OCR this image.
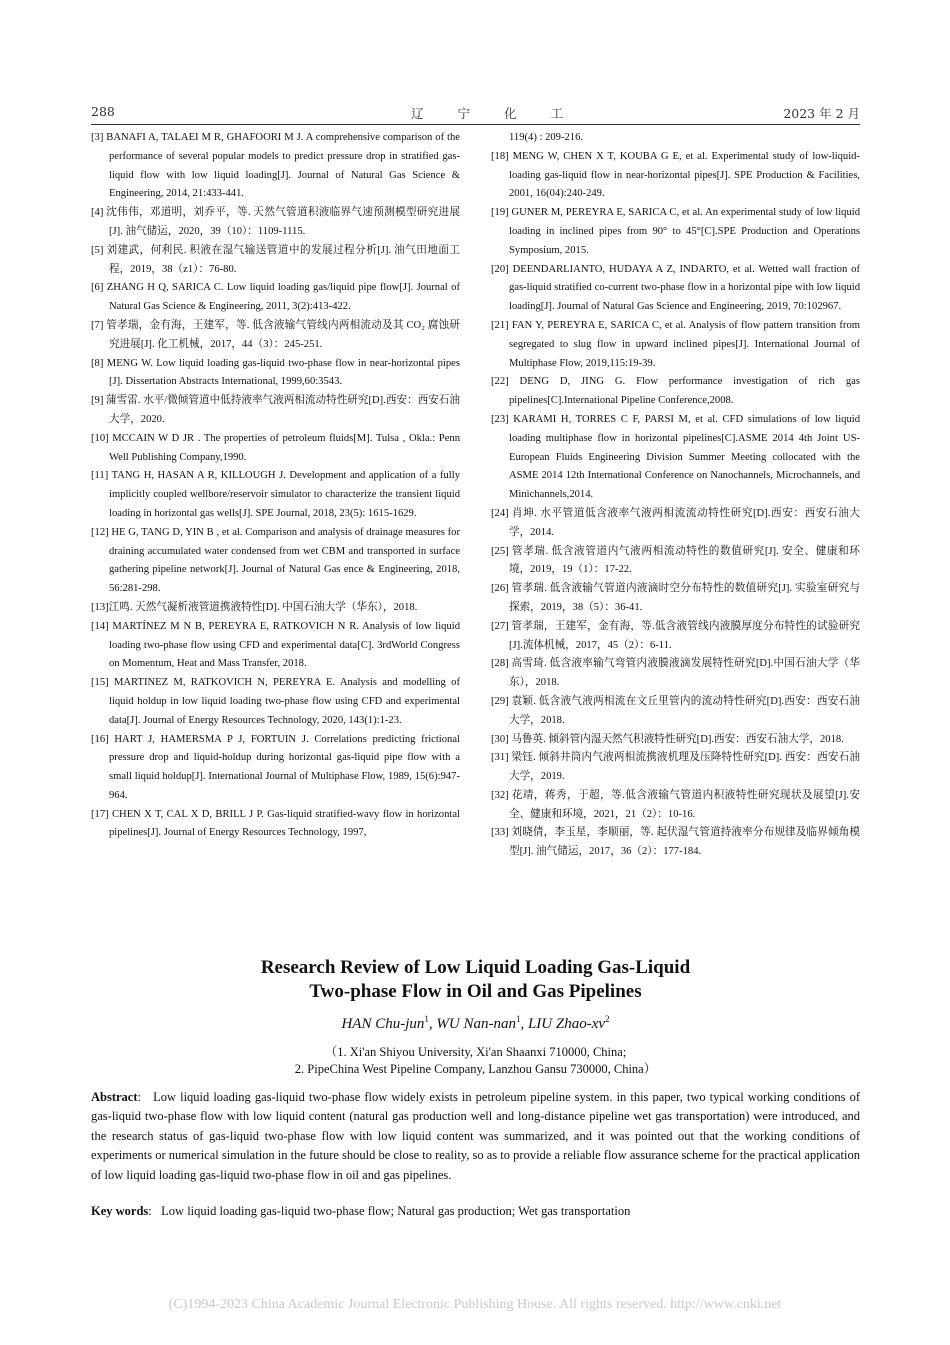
288	辽宁化工	2023 年 2 月

[3] BANAFI A, TALAEI M R, GHAFOORI M J. A comprehensive comparison of the performance of several popular models to predict pressure drop in stratified gas-liquid flow with low liquid loading[J]. Journal of Natural Gas Science & Engineering, 2014, 21:433-441.

[4] 沈伟伟，邓道明，刘乔平，等. 天然气管道积液临界气速预测模型研究进展[J]. 油气储运，2020，39（10）：1109-1115.

[5] 刘建武，何利民. 积液在湿气输送管道中的发展过程分析[J]. 油气田地面工程，2019，38（z1）：76-80.

[6] ZHANG H Q, SARICA C. Low liquid loading gas/liquid pipe flow[J]. Journal of Natural Gas Science & Engineering, 2011, 3(2):413-422.

[7] 管孝瑞，金有海，王建军，等. 低含液输气管线内两相流动及其 CO₂ 腐蚀研究进展[J]. 化工机械，2017，44（3）：245-251.

[8] MENG W. Low liquid loading gas-liquid two-phase flow in near-horizontal pipes [J]. Dissertation Abstracts International, 1999,60:3543.

[9] 蒲雪雷. 水平/微倾管道中低持液率气液两相流动特性研究[D].西安：西安石油大学，2020.

[10] MCCAIN W D JR . The properties of petroleum fluids[M]. Tulsa , Okla.: Penn Well Publishing Company,1990.

[11] TANG H, HASAN A R, KILLOUGH J. Development and application of a fully implicitly coupled wellbore/reservoir simulator to characterize the transient liquid loading in horizontal gas wells[J]. SPE Journal, 2018, 23(5): 1615-1629.

[12] HE G, TANG D, YIN B , et al. Comparison and analysis of drainage measures for draining accumulated water condensed from wet CBM and transported in surface gathering pipeline network[J]. Journal of Natural Gas ence & Engineering, 2018, 56:281-298.

[13]江鸣. 天然气凝析液管道携液特性[D]. 中国石油大学（华东），2018.

[14] MARTÍNEZ M N B, PEREYRA E, RATKOVICH N R. Analysis of low liquid loading two-phase flow using CFD and experimental data[C]. 3rdWorld Congress on Momentum, Heat and Mass Transfer, 2018.

[15] MARTINEZ M, RATKOVICH N, PEREYRA E. Analysis and modelling of liquid holdup in low liquid loading two-phase flow using CFD and experimental data[J]. Journal of Energy Resources Technology, 2020, 143(1):1-23.

[16] HART J, HAMERSMA P J, FORTUIN J. Correlations predicting frictional pressure drop and liquid-holdup during horizontal gas-liquid pipe flow with a small liquid holdup[J]. International Journal of Multiphase Flow, 1989, 15(6):947-964.

[17] CHEN X T, CAL X D, BRILL J P. Gas-liquid stratified-wavy flow in horizontal pipelines[J]. Journal of Energy Resources Technology, 1997,

119(4) : 209-216.

[18] MENG W, CHEN X T, KOUBA G E, et al. Experimental study of low-liquid-loading gas-liquid flow in near-horizontal pipes[J]. SPE Production & Facilities, 2001, 16(04):240-249.

[19] GUNER M, PEREYRA E, SARICA C, et al. An experimental study of low liquid loading in inclined pipes from 90° to 45°[C].SPE Production and Operations Symposium, 2015.

[20] DEENDARLIANTO, HUDAYA A Z, INDARTO, et al. Wetted wall fraction of gas-liquid stratified co-current two-phase flow in a horizontal pipe with low liquid loading[J]. Journal of Natural Gas Science and Engineering, 2019, 70:102967.

[21] FAN Y, PEREYRA E, SARICA C, et al. Analysis of flow pattern transition from segregated to slug flow in upward inclined pipes[J]. International Journal of Multiphase Flow, 2019,115:19-39.

[22] DENG D, JING G. Flow performance investigation of rich gas pipelines[C].International Pipeline Conference,2008.

[23] KARAMI H, TORRES C F, PARSI M, et al. CFD simulations of low liquid loading multiphase flow in horizontal pipelines[C].ASME 2014 4th Joint US-European Fluids Engineering Division Summer Meeting collocated with the ASME 2014 12th International Conference on Nanochannels, Microchannels, and Minichannels,2014.

[24] 肖坤. 水平管道低含液率气液两相流流动特性研究[D].西安：西安石油大学，2014.

[25] 管孝瑞. 低含液管道内气液两相流动特性的数值研究[J]. 安全、健康和环境，2019，19（1）：17-22.

[26] 管孝瑞. 低含液输气管道内液滴时空分布特性的数值研究[J]. 实验室研究与探索，2019，38（5）：36-41.

[27] 管孝瑞，王建军，金有海，等.低含液管线内液膜厚度分布特性的试验研究[J].流体机械，2017，45（2）：6-11.

[28] 高雪琦. 低含液率输气弯管内液膜液滴发展特性研究[D].中国石油大学（华东），2018.

[29] 袁颖. 低含液气液两相流在文丘里管内的流动特性研究[D].西安：西安石油大学，2018.

[30] 马鲁英. 倾斜管内湿天然气积液特性研究[D].西安：西安石油大学，2018.

[31] 梁钰. 倾斜井筒内气液两相流携液机理及压降特性研究[D]. 西安：西安石油大学，2019.

[32] 花靖，蒋秀，于超，等.低含液输气管道内积液特性研究现状及展望[J].安全、健康和环境，2021，21（2）：10-16.

[33] 刘晓倩，李玉星，李顺丽，等. 起伏湿气管道持液率分布规律及临界倾角模型[J]. 油气储运，2017，36（2）：177-184.

Research Review of Low Liquid Loading Gas-Liquid
Two-phase Flow in Oil and Gas Pipelines
HAN Chu-jun$^1$, WU Nan-nan$^1$, LIU Zhao-$xv^2$
（1. Xi'an Shiyou University, Xi'an Shaanxi 710000, China;
2. PipeChina West Pipeline Company, Lanzhou Gansu 730000, China）
Abstract:   Low liquid loading gas-liquid two-phase flow widely exists in petroleum pipeline system. in this paper, two typical working conditions of gas-liquid two-phase flow with low liquid content (natural gas production well and long-distance pipeline wet gas transportation) were introduced, and the research status of gas-liquid two-phase flow with low liquid content was summarized, and it was pointed out that the working conditions of experiments or numerical simulation in the future should be close to reality, so as to provide a reliable flow assurance scheme for the practical application of low liquid loading gas-liquid two-phase flow in oil and gas pipelines.
Key words:   Low liquid loading gas-liquid two-phase flow; Natural gas production; Wet gas transportation
(C)1994-2023 China Academic Journal Electronic Publishing House. All rights reserved. http://www.cnki.net
